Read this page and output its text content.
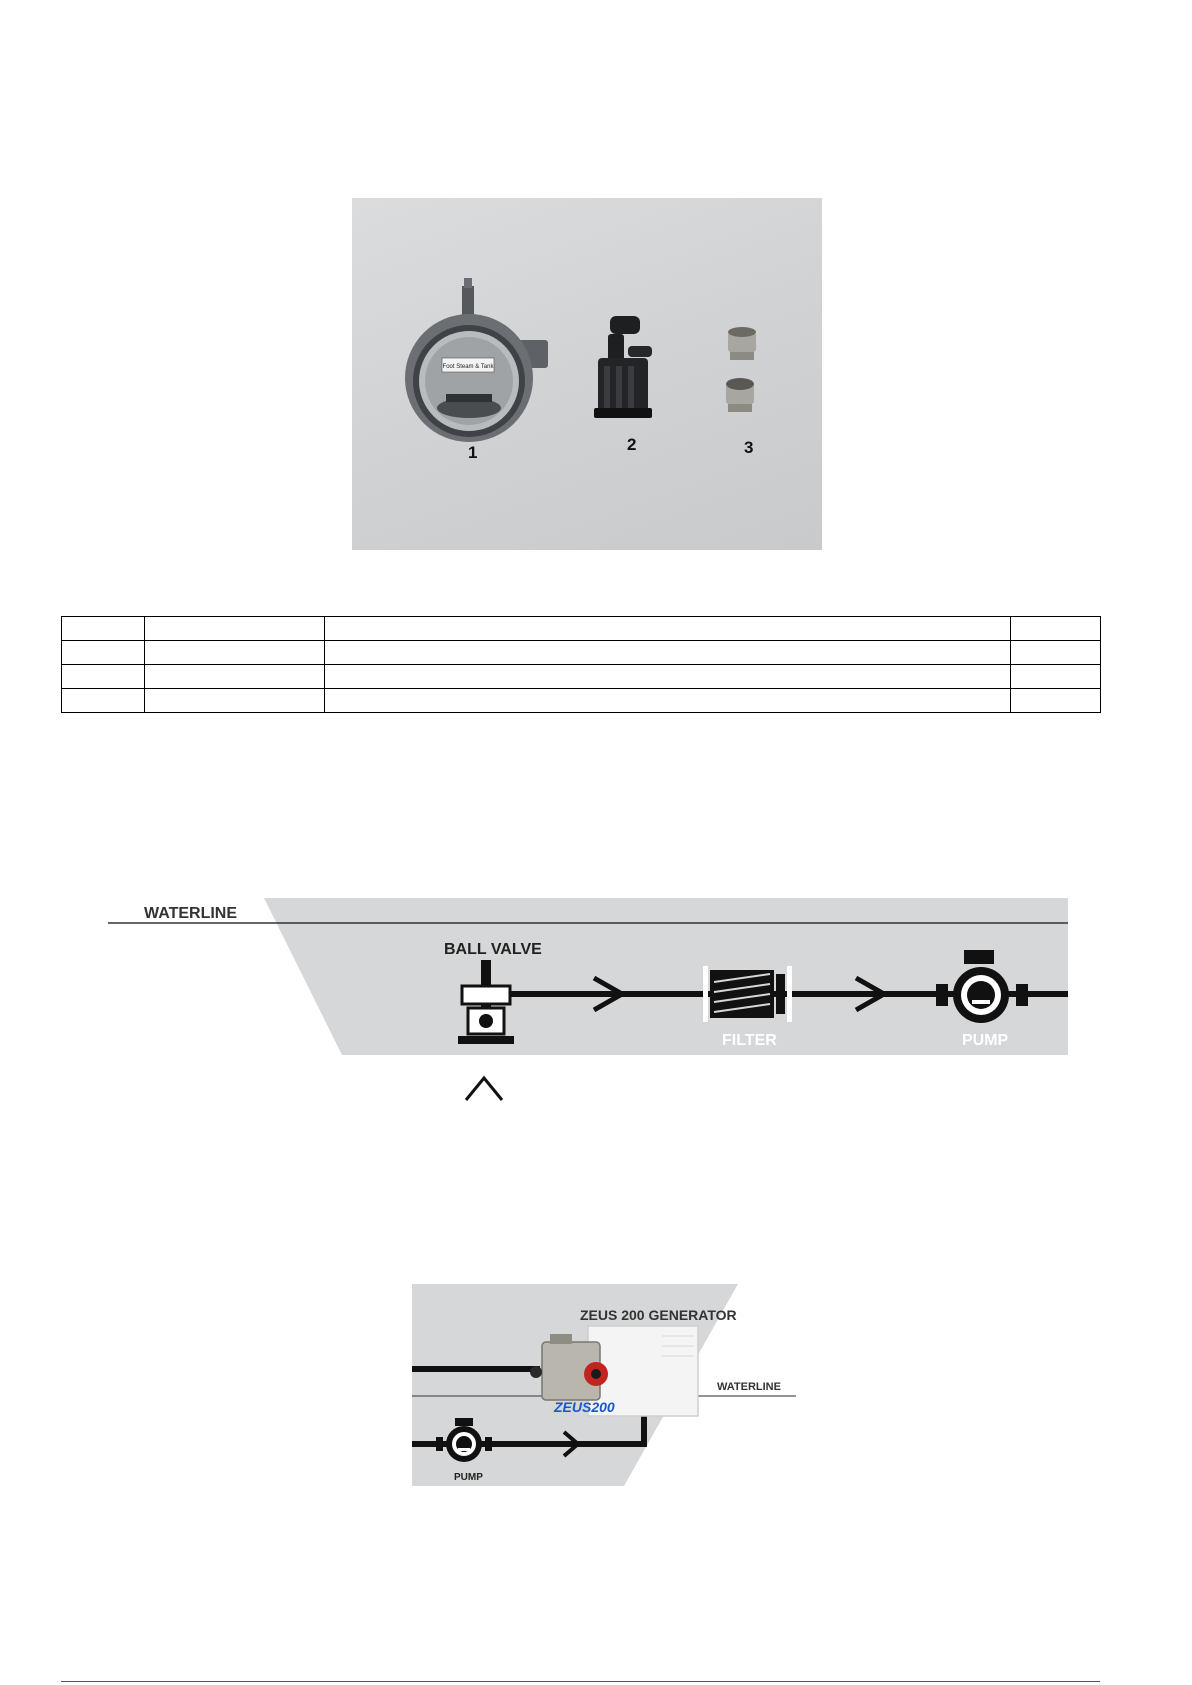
Foot Steam & Tank
1	2	3

WATERLINE
BALL VALVE
FILTER	PUMP
WATERLINE
ZEUS 200 GENERATOR
ZEUS200
PUMP
